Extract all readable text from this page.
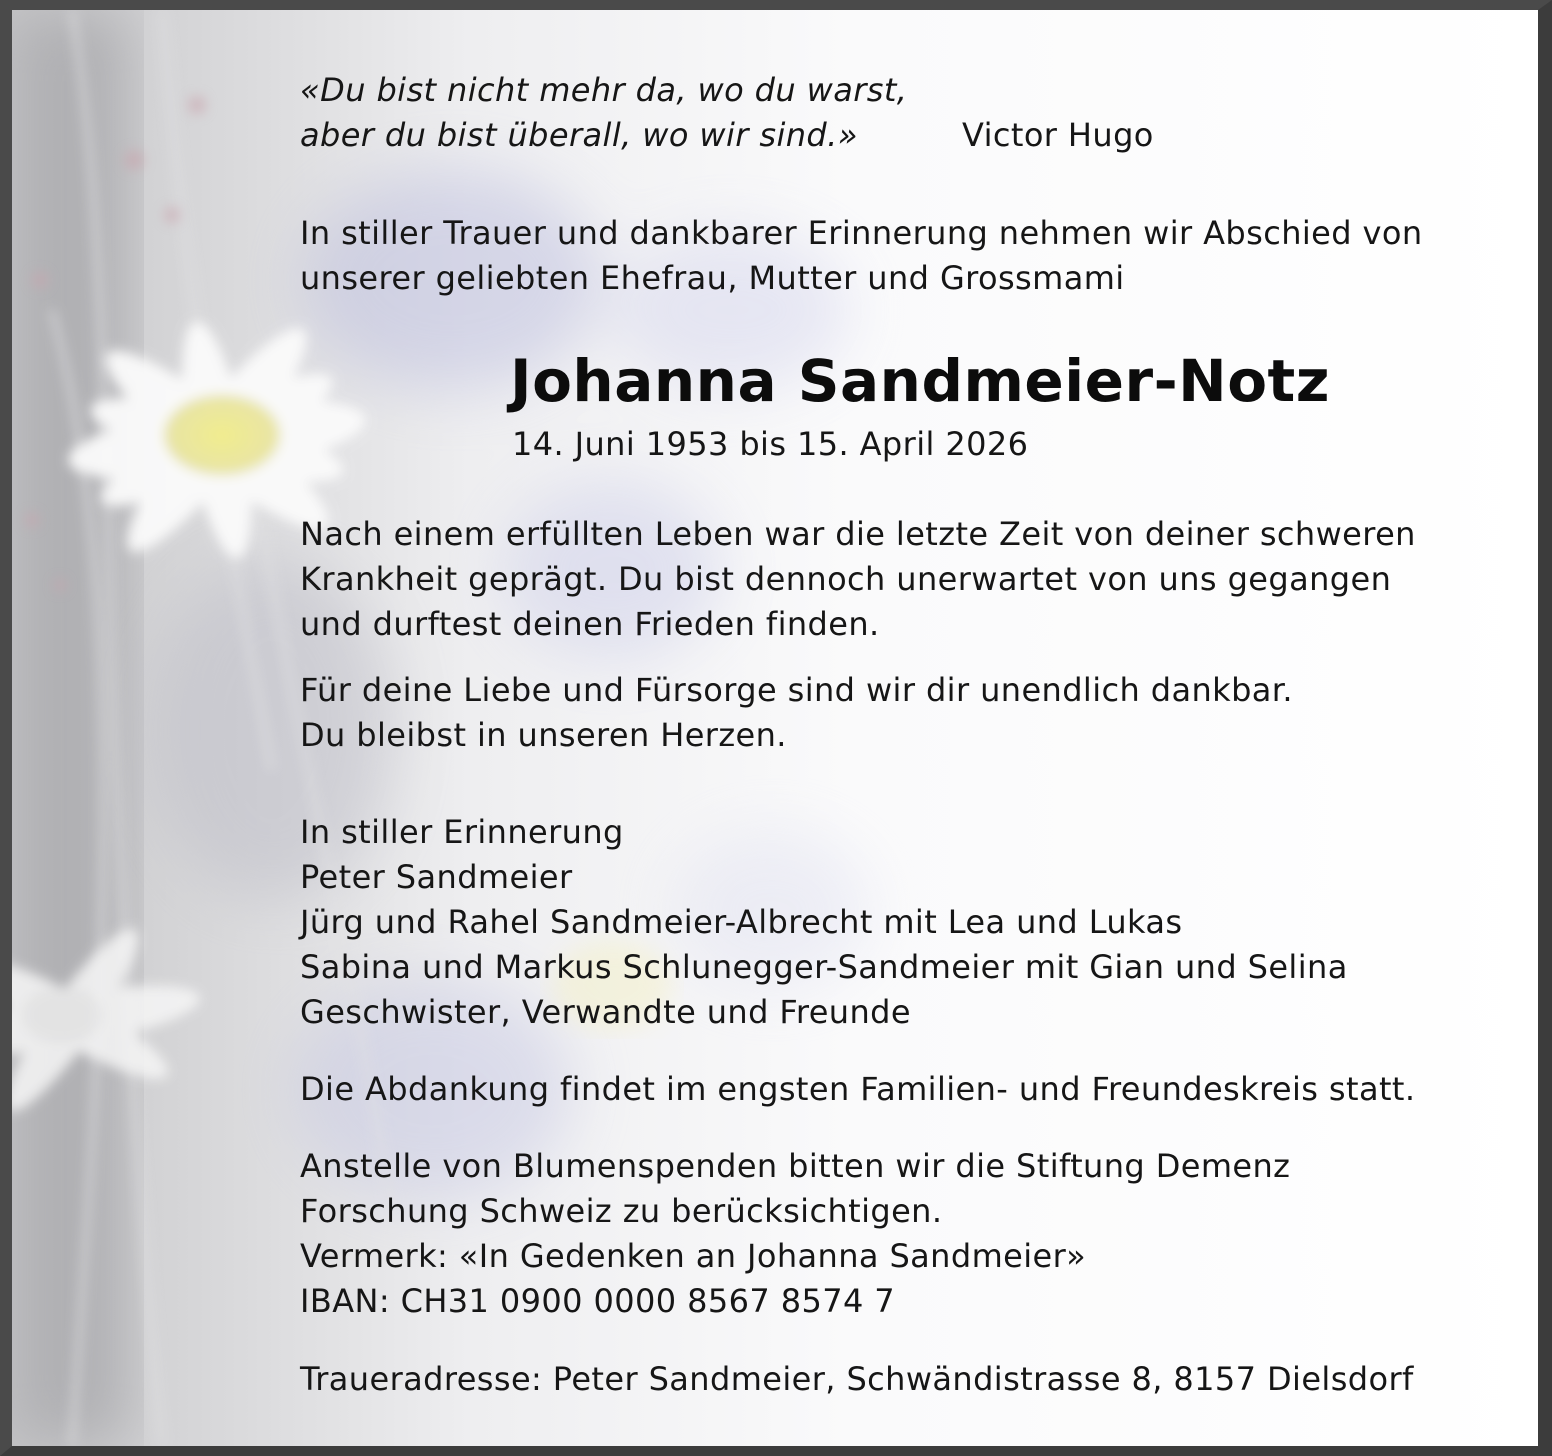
«Du bist nicht mehr da, wo du warst,
aber du bist überall, wo wir sind.»	Victor Hugo
In stiller Trauer und dankbarer Erinnerung nehmen wir Abschied von
unserer geliebten Ehefrau, Mutter und Grossmami
Johanna Sandmeier-Notz
14. Juni 1953 bis 15. April 2026
Nach einem erfüllten Leben war die letzte Zeit von deiner schweren
Krankheit geprägt. Du bist dennoch unerwartet von uns gegangen
und durftest deinen Frieden finden.
Für deine Liebe und Fürsorge sind wir dir unendlich dankbar.
Du bleibst in unseren Herzen.
In stiller Erinnerung
Peter Sandmeier
Jürg und Rahel Sandmeier-Albrecht mit Lea und Lukas
Sabina und Markus Schlunegger-Sandmeier mit Gian und Selina
Geschwister, Verwandte und Freunde
Die Abdankung findet im engsten Familien- und Freundeskreis statt.
Anstelle von Blumenspenden bitten wir die Stiftung Demenz
Forschung Schweiz zu berücksichtigen.
Vermerk: «In Gedenken an Johanna Sandmeier»
IBAN: CH31 0900 0000 8567 8574 7
Traueradresse: Peter Sandmeier, Schwändistrasse 8, 8157 Dielsdorf
